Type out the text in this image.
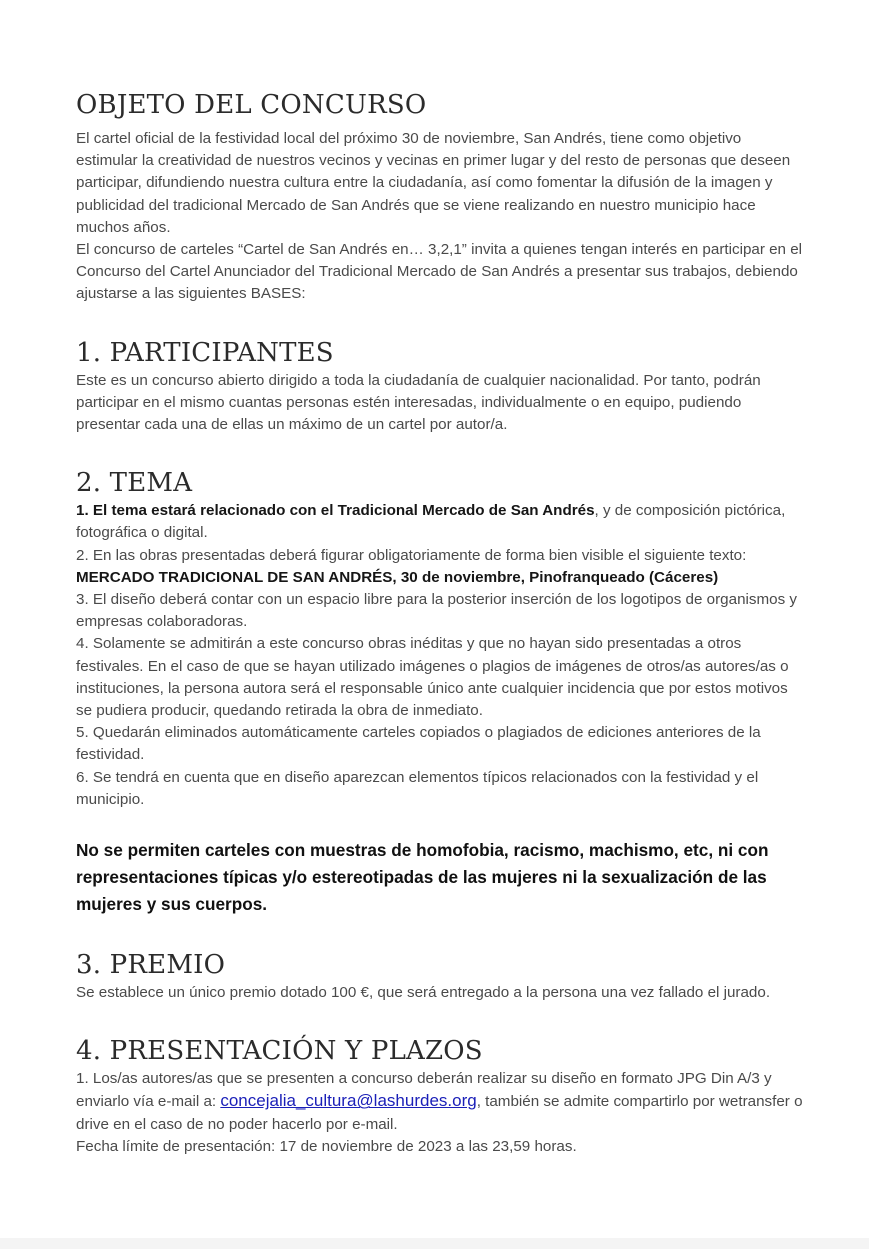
OBJETO DEL CONCURSO

El cartel oficial de la festividad local del próximo 30 de noviembre, San Andrés, tiene como objetivo estimular la creatividad de nuestros vecinos y vecinas en primer lugar y del resto de personas que deseen participar, difundiendo nuestra cultura entre la ciudadanía, así como fomentar la difusión de la imagen y publicidad del tradicional Mercado de San Andrés que se viene realizando en nuestro municipio hace muchos años.

El concurso de carteles “Cartel de San Andrés en… 3,2,1” invita a quienes tengan interés en participar en el Concurso del Cartel Anunciador del Tradicional Mercado de San Andrés a presentar sus trabajos, debiendo ajustarse a las siguientes BASES:

1. PARTICIPANTES

Este es un concurso abierto dirigido a toda la ciudadanía de cualquier nacionalidad. Por tanto, podrán participar en el mismo cuantas personas estén interesadas, individualmente o en equipo, pudiendo presentar cada una de ellas un máximo de un cartel por autor/a.

2. TEMA

1. El tema estará relacionado con el Tradicional Mercado de San Andrés, y de composición pictórica, fotográfica o digital.

2. En las obras presentadas deberá figurar obligatoriamente de forma bien visible el siguiente texto:

MERCADO TRADICIONAL DE SAN ANDRÉS, 30 de noviembre, Pinofranqueado (Cáceres)

3. El diseño deberá contar con un espacio libre para la posterior inserción de los logotipos de organismos y empresas colaboradoras.

4. Solamente se admitirán a este concurso obras inéditas y que no hayan sido presentadas a otros festivales. En el caso de que se hayan utilizado imágenes o plagios de imágenes de otros/as autores/as o instituciones, la persona autora será el responsable único ante cualquier incidencia que por estos motivos se pudiera producir, quedando retirada la obra de inmediato.

5. Quedarán eliminados automáticamente carteles copiados o plagiados de ediciones anteriores de la festividad.

6. Se tendrá en cuenta que en diseño aparezcan elementos típicos relacionados con la festividad y el municipio.

No se permiten carteles con muestras de homofobia, racismo, machismo, etc, ni con representaciones típicas y/o estereotipadas de las mujeres ni la sexualización de las mujeres y sus cuerpos.

3. PREMIO

Se establece un único premio dotado 100 €, que será entregado a la persona una vez fallado el jurado.

4. PRESENTACIÓN Y PLAZOS

1. Los/as autores/as que se presenten a concurso deberán realizar su diseño en formato JPG Din A/3 y enviarlo vía e-mail a: concejalia_cultura@lashurdes.org, también se admite compartirlo por wetransfer o drive en el caso de no poder hacerlo por e-mail.

Fecha límite de presentación: 17 de noviembre de 2023 a las 23,59 horas.
